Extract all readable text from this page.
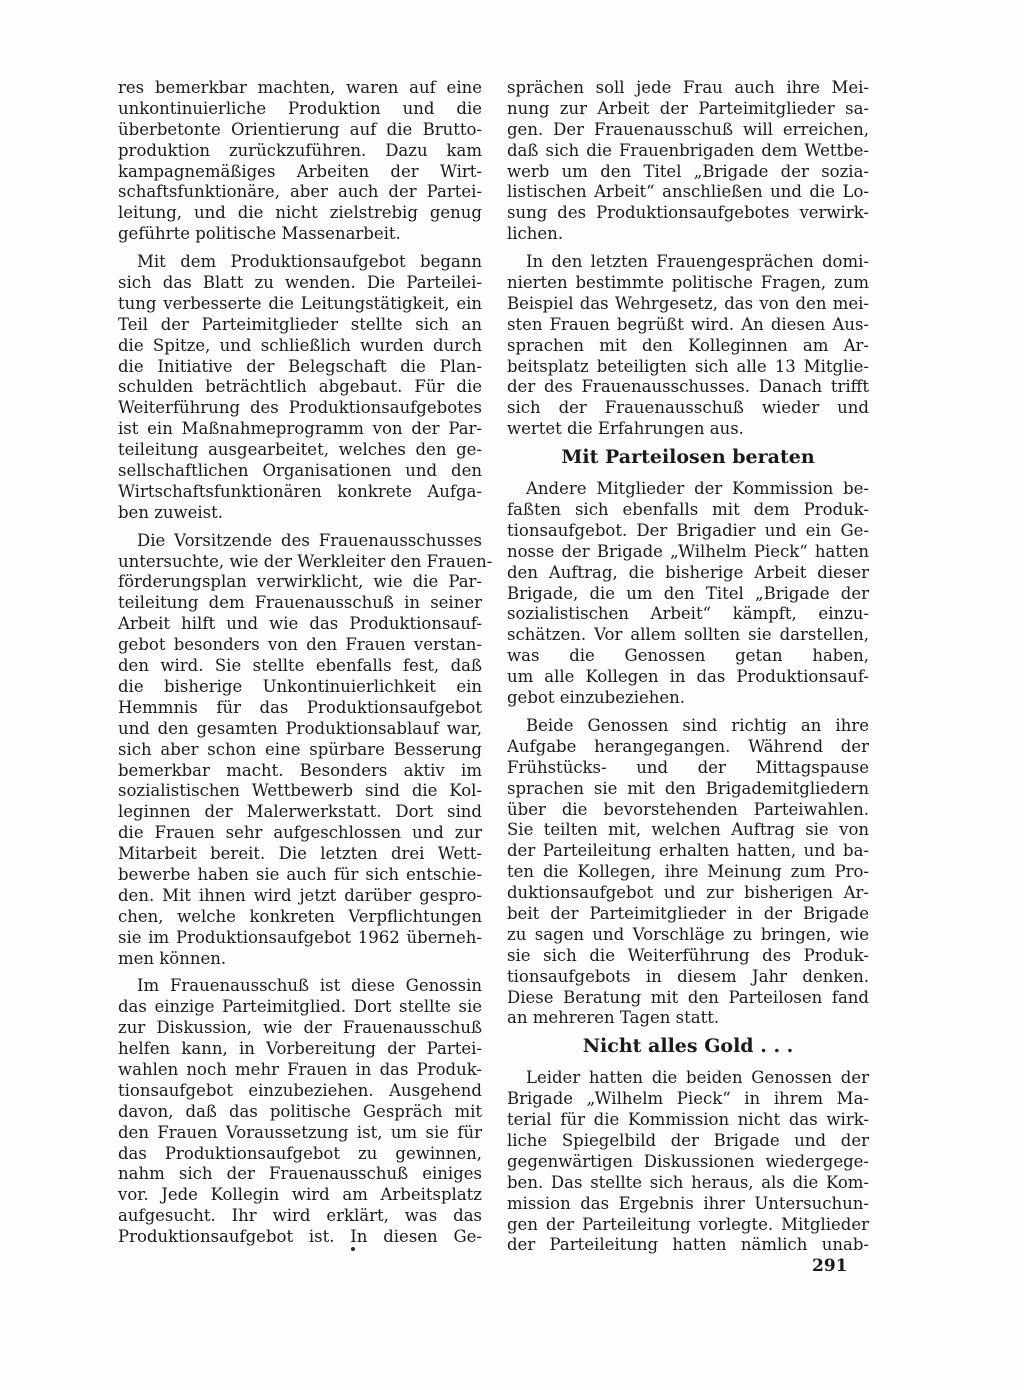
res bemerkbar machten, waren auf eine
unkontinuierliche Produktion und die
überbetonte Orientierung auf die Brutto-
produktion zurückzuführen. Dazu kam
kampagnemäßiges Arbeiten der Wirt-
schaftsfunktionäre, aber auch der Partei-
leitung, und die nicht zielstrebig genug
geführte politische Massenarbeit.
Mit dem Produktionsaufgebot begann
sich das Blatt zu wenden. Die Parteilei-
tung verbesserte die Leitungstätigkeit, ein
Teil der Parteimitglieder stellte sich an
die Spitze, und schließlich wurden durch
die Initiative der Belegschaft die Plan-
schulden beträchtlich abgebaut. Für die
Weiterführung des Produktionsaufgebotes
ist ein Maßnahmeprogramm von der Par-
teileitung ausgearbeitet, welches den ge-
sellschaftlichen Organisationen und den
Wirtschaftsfunktionären konkrete Aufga-
ben zuweist.
Die Vorsitzende des Frauenausschusses
untersuchte, wie der Werkleiter den Frauen-
förderungsplan verwirklicht, wie die Par-
teileitung dem Frauenausschuß in seiner
Arbeit hilft und wie das Produktionsauf-
gebot besonders von den Frauen verstan-
den wird. Sie stellte ebenfalls fest, daß
die bisherige Unkontinuierlichkeit ein
Hemmnis für das Produktionsaufgebot
und den gesamten Produktionsablauf war,
sich aber schon eine spürbare Besserung
bemerkbar macht. Besonders aktiv im
sozialistischen Wettbewerb sind die Kol-
leginnen der Malerwerkstatt. Dort sind
die Frauen sehr aufgeschlossen und zur
Mitarbeit bereit. Die letzten drei Wett-
bewerbe haben sie auch für sich entschie-
den. Mit ihnen wird jetzt darüber gespro-
chen, welche konkreten Verpflichtungen
sie im Produktionsaufgebot 1962 überneh-
men können.
Im Frauenausschuß ist diese Genossin
das einzige Parteimitglied. Dort stellte sie
zur Diskussion, wie der Frauenausschuß
helfen kann, in Vorbereitung der Partei-
wahlen noch mehr Frauen in das Produk-
tionsaufgebot einzubeziehen. Ausgehend
davon, daß das politische Gespräch mit
den Frauen Voraussetzung ist, um sie für
das Produktionsaufgebot zu gewinnen,
nahm sich der Frauenausschuß einiges
vor. Jede Kollegin wird am Arbeitsplatz
aufgesucht. Ihr wird erklärt, was das
Produktionsaufgebot ist. In diesen Ge-
sprächen soll jede Frau auch ihre Mei-
nung zur Arbeit der Parteimitglieder sa-
gen. Der Frauenausschuß will erreichen,
daß sich die Frauenbrigaden dem Wettbe-
werb um den Titel „Brigade der sozia-
listischen Arbeit“ anschließen und die Lo-
sung des Produktionsaufgebotes verwirk-
lichen.
In den letzten Frauengesprächen domi-
nierten bestimmte politische Fragen, zum
Beispiel das Wehrgesetz, das von den mei-
sten Frauen begrüßt wird. An diesen Aus-
sprachen mit den Kolleginnen am Ar-
beitsplatz beteiligten sich alle 13 Mitglie-
der des Frauenausschusses. Danach trifft
sich der Frauenausschuß wieder und
wertet die Erfahrungen aus.
Mit Parteilosen beraten
Andere Mitglieder der Kommission be-
faßten sich ebenfalls mit dem Produk-
tionsaufgebot. Der Brigadier und ein Ge-
nosse der Brigade „Wilhelm Pieck“ hatten
den Auftrag, die bisherige Arbeit dieser
Brigade, die um den Titel „Brigade der
sozialistischen Arbeit“ kämpft, einzu-
schätzen. Vor allem sollten sie darstellen,
was die Genossen getan haben,
um alle Kollegen in das Produktionsauf-
gebot einzubeziehen.
Beide Genossen sind richtig an ihre
Aufgabe herangegangen. Während der
Frühstücks- und der Mittagspause
sprachen sie mit den Brigademitgliedern
über die bevorstehenden Parteiwahlen.
Sie teilten mit, welchen Auftrag sie von
der Parteileitung erhalten hatten, und ba-
ten die Kollegen, ihre Meinung zum Pro-
duktionsaufgebot und zur bisherigen Ar-
beit der Parteimitglieder in der Brigade
zu sagen und Vorschläge zu bringen, wie
sie sich die Weiterführung des Produk-
tionsaufgebots in diesem Jahr denken.
Diese Beratung mit den Parteilosen fand
an mehreren Tagen statt.
Nicht alles Gold . . .
Leider hatten die beiden Genossen der
Brigade „Wilhelm Pieck“ in ihrem Ma-
terial für die Kommission nicht das wirk-
liche Spiegelbild der Brigade und der
gegenwärtigen Diskussionen wiedergege-
ben. Das stellte sich heraus, als die Kom-
mission das Ergebnis ihrer Untersuchun-
gen der Parteileitung vorlegte. Mitglieder
der Parteileitung hatten nämlich unab-
291
